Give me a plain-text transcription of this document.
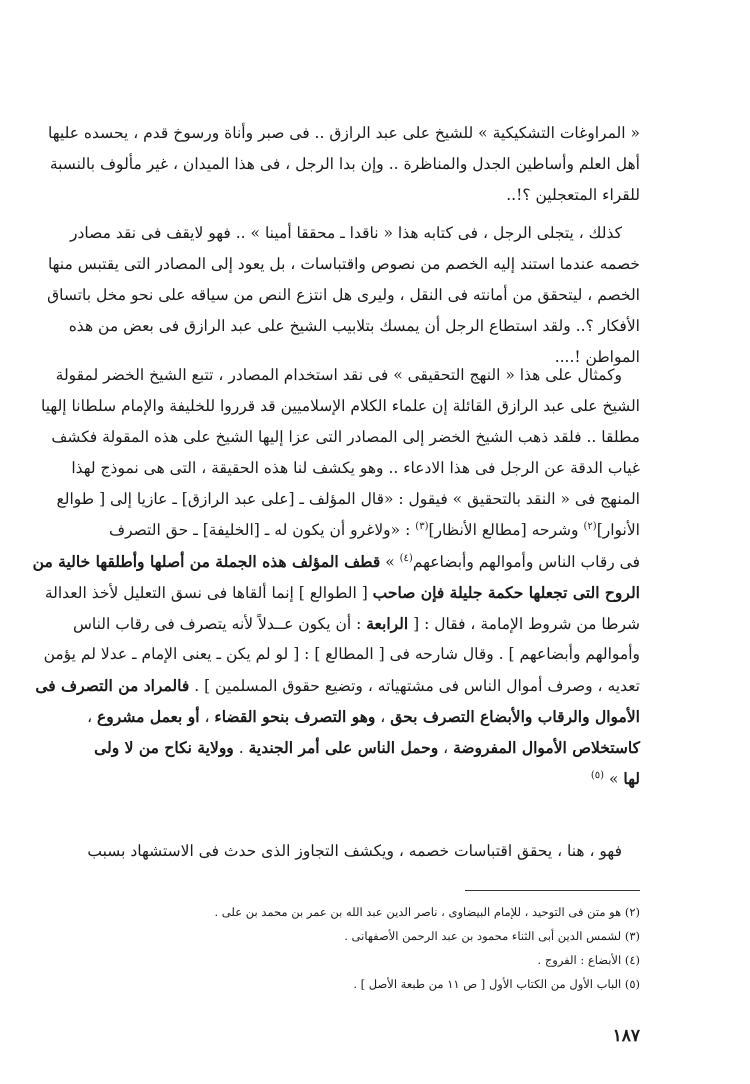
« المراوغات التشكيكية » للشيخ على عبد الرازق .. فى صبر وأناة ورسوخ قدم ، يحسده عليها
أهل العلم وأساطين الجدل والمناظرة .. وإن بدا الرجل ، فى هذا الميدان ، غير مألوف بالنسبة
للقراء المتعجلين ؟!..
كذلك ، يتجلى الرجل ، فى كتابه هذا « ناقدا ـ محققا أمينا » .. فهو لايقف فى نقد مصادر
خصمه عندما استند إليه الخصم من نصوص واقتباسات ، بل يعود إلى المصادر التى يقتبس منها
الخصم ، ليتحقق من أمانته فى النقل ، وليرى هل انتزع النص من سياقه على نحو مخل باتساق
الأفكار ؟.. ولقد استطاع الرجل أن يمسك بتلابيب الشيخ على عبد الرازق فى بعض من هذه
المواطن !....
وكمثال على هذا « النهج التحقيقى » فى نقد استخدام المصادر ، تتبع الشيخ الخضر لمقولة
الشيخ على عبد الرازق القائلة إن علماء الكلام الإسلاميين قد قرروا للخليفة والإمام سلطانا إلهيا
مطلقا .. فلقد ذهب الشيخ الخضر إلى المصادر التى عزا إليها الشيخ على هذه المقولة فكشف
غياب الدقة عن الرجل فى هذا الادعاء .. وهو يكشف لنا هذه الحقيقة ، التى هى نموذج لهذا
المنهج فى « النقد بالتحقيق » فيقول : «قال المؤلف ـ [على عبد الرازق] ـ عازيا إلى [ طوالع
الأنوار]$^{(٢)}$ وشرحه [مطالع الأنظار]$^{(٣)}$ : «ولاغرو أن يكون له ـ [الخليفة] ـ حق التصرف
فى رقاب الناس وأموالهم وأبضاعهم$^{(٤)}$ » قطف المؤلف هذه الجملة من أصلها وأطلقها خالية من
الروح التى تجعلها حكمة جليلة فإن صاحب [ الطوالع ] إنما ألقاها فى نسق التعليل لأخذ العدالة
شرطا من شروط الإمامة ، فقال : [ الرابعة : أن يكون عــدلاً لأنه يتصرف فى رقاب الناس
وأموالهم وأبضاعهم ] . وقال شارحه فى [ المطالع ] : [ لو لم يكن ـ يعنى الإمام ـ عدلا لم يؤمن
تعديه ، وصرف أموال الناس فى مشتهياته ، وتضيع حقوق المسلمين ] . فالمراد من التصرف فى
الأموال والرقاب والأبضاع التصرف بحق ، وهو التصرف بنحو القضاء ، أو بعمل مشروع ،
كاستخلاص الأموال المفروضة ، وحمل الناس على أمر الجندية . وولاية نكاح من لا ولى
لها » $^{(٥)}$
فهو ، هنا ، يحقق اقتباسات خصمه ، ويكشف التجاوز الذى حدث فى الاستشهاد بسبب
(٢) هو متن فى التوحيد ، للإمام البيضاوى ، ناصر الدين عبد الله بن عمر بن محمد بن على .
(٣) لشمس الدين أبى الثناء محمود بن عبد الرحمن الأصفهانى .
(٤) الأبضاع : الفروج .
(٥) الباب الأول من الكتاب الأول [ ص ١١ من طبعة الأصل ] .
١٨٧
